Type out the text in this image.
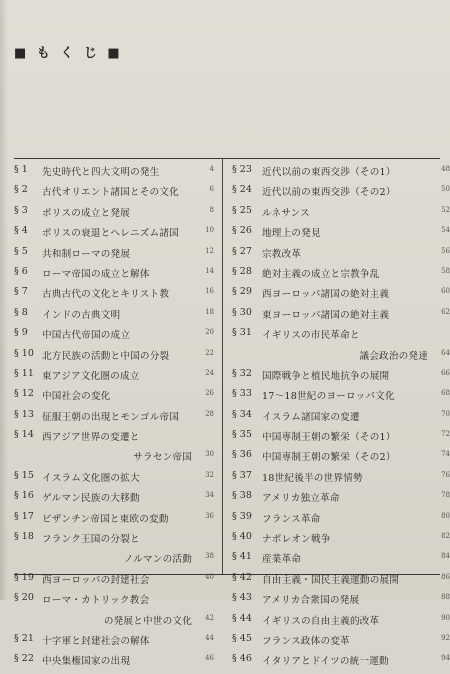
■ も く じ ■
§ 1 先史時代と四大文明の発生	4
§ 2 古代オリエント諸国とその文化	6
§ 3 ポリスの成立と発展	8
§ 4 ポリスの衰退とヘレニズム諸国	10
§ 5 共和制ローマの発展	12
§ 6 ローマ帝国の成立と解体	14
§ 7 古典古代の文化とキリスト教	16
§ 8 インドの古典文明	18
§ 9 中国古代帝国の成立	20
§ 10 北方民族の活動と中国の分裂	22
§ 11 東アジア文化圏の成立	24
§ 12 中国社会の変化	26
§ 13 征服王朝の出現とモンゴル帝国	28
§ 14 西アジア世界の変遷と
サラセン帝国 30
§ 15 イスラム文化圏の拡大	32
§ 16 ゲルマン民族の大移動	34
§ 17 ビザンチン帝国と東欧の変動	36
§ 18 フランク王国の分裂と
ノルマンの活動 38
§ 19 西ヨーロッパの封建社会	40
§ 20 ローマ・カトリック教会
の発展と中世の文化 42
§ 21 十字軍と封建社会の解体	44
§ 22 中央集権国家の出現	46
§ 23 近代以前の東西交渉（その1）	48
§ 24 近代以前の東西交渉（その2）	50
§ 25 ルネサンス	52
§ 26 地理上の発見	54
§ 27 宗教改革	56
§ 28 絶対主義の成立と宗教争乱	58
§ 29 西ヨーロッパ諸国の絶対主義	60
§ 30 東ヨーロッパ諸国の絶対主義	62
§ 31 イギリスの市民革命と
議会政治の発達 64
§ 32 国際戦争と植民地抗争の展開	66
§ 33 17～18世紀のヨーロッパ文化	68
§ 34 イスラム諸国家の変遷	70
§ 35 中国専制王朝の繁栄（その1）	72
§ 36 中国専制王朝の繁栄（その2）	74
§ 37 18世紀後半の世界情勢	76
§ 38 アメリカ独立革命	78
§ 39 フランス革命	80
§ 40 ナポレオン戦争	82
§ 41 産業革命	84
§ 42 自由主義・国民主義運動の展開	86
§ 43 アメリカ合衆国の発展	88
§ 44 イギリスの自由主義的改革	90
§ 45 フランス政体の変革	92
§ 46 イタリアとドイツの統一運動	94
